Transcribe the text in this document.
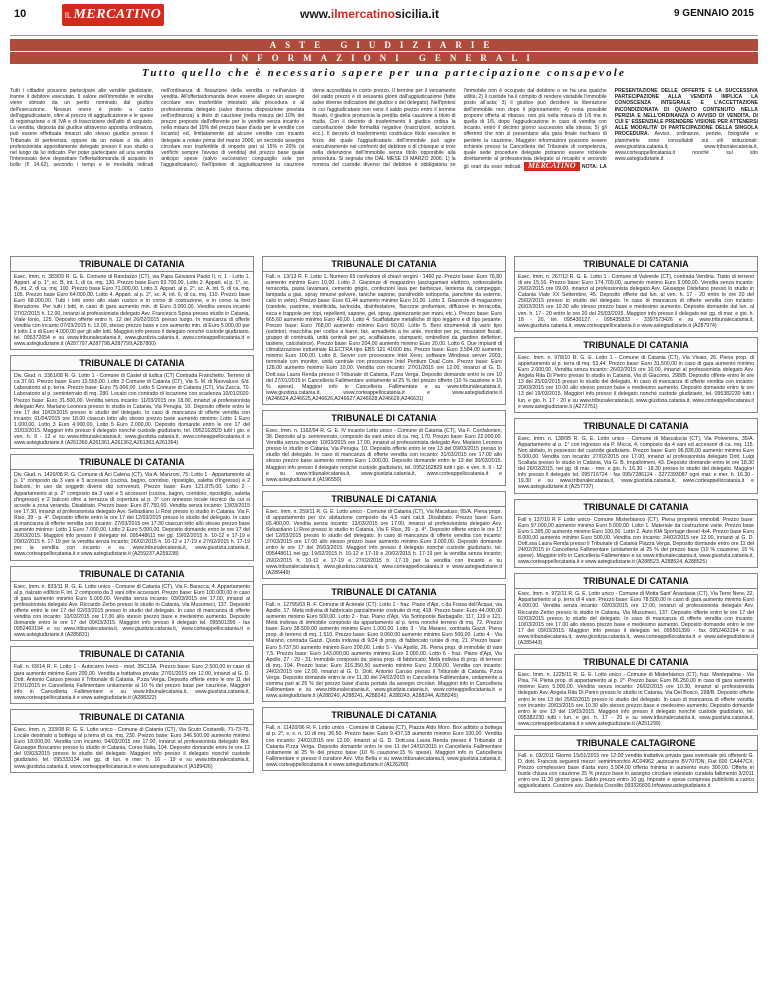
10	IL MERCATINO	www.ilmercatinosicilia.it	9 GENNAIO 2015
ASTE GIUDIZIARIE
INFORMAZIONI GENERALI
Tutto quello che è necessario sapere per una partecipazione consapevole
Tutti i cittadini possono partecipare alle vendite giudiziarie, tranne il debitore esecutato. Il valore dell'immobile in vendita viene stimato da un perito nominato dal giudice dell'esecuzione. Nessun onere è posto a carico dell'aggiudicatario, oltre al prezzo di aggiudicazione e le spese di registrazione o di IVA e di trascrizione dell'atto di acquisto. La vendita, disposta dal giudice attraverso apposita ordinanza, può essere effettuata innanzi allo stesso giudice presso il Tribunale di pertinenza, oppure da un notaio o da altro professionista appositamente delegato presso il suo studio o nel luogo da lui indicato. Per poter partecipare ad una vendita l'interessato deve depositare l'offerta/domanda di acquisto in bollo (€ 14,62), secondo i tempi e le modalità indicati nell'ordinanza di fissazione della vendita o nell'avviso di vendita. All'offerta/domanda deve essere allegato un assegno circolare non trasferibile intestato alla procedura o al professionista delegato (salvo diversa disposizione prevista nell'ordinanza) a titolo di cauzione (nella misura del 10% del prezzo proposto dall'offerente per le vendite senza incanto e nella misura del 10% del prezzo base d'asta per le vendite con incanto) ed, limitatamente ad alcune vendite con incanto delegate a notaio prima del marzo 2006, un secondo assegno circolare non trasferibile di importo pari al 15% o 20% (si verifichi sempre l'avviso di vendita) del prezzo base quale anticipo spese (salvo successivo conguaglio sole per l'aggiudicatario). Nell'ipotesi di aggiudicazione la cauzione viene accreditata in conto prezzo. Il termine per il versamento del saldo prezzo è di sessanta giorni dall'aggiudicazione (fatte salve diverse indicazioni del giudice o del delegato). Nell'ipotesi in cui l'aggiudicatario non versi il saldo prezzo entro il termine fissato, il giudice pronuncia la perdita della cauzione a titolo di multa. Con il decreto di trasferimento il giudice ordina la cancellazione delle formalità negative (trascrizioni, iscrizioni, ecc.). Il decreto di trasferimento costituisce titolo esecutivo in forza del quale l'aggiudicatario dell'immobile può agire esecutivamente nei confronti del debitore o di chiunque si trovi nella detenzione dell'immobile senza titolo opponibile alla procedura. Si segnala che DAL MESE DI MARZO 2006: 1) la nomina del custode diverso dal debitore è obbligatoria se l'immobile non è occupato dal debitore o se ha una qualche utilità; 2) il custode ha il compito di rendere visitabile l'immobile posto all'asta; 3) il giudice può deciderè la liberazione dell'immobile non dopo il pignoramento; 4) resta possibile proporre offerta al ribasso, non più nella misura di 1/6 ma in quella di 1/5, dopo l'aggiudicazione in caso di vendita con incanto, entro il decimo giorno successivo alla stessa; 5) gli offerenti che non si presentano alla gara finale rischiano di perdere la cauzione. Maggiori informazioni possono essere richieste presso la Cancelleria del Tribunale di competenza, quale sede procedure delegate potranno essere richieste direttamente al professionista delegato al recapito e secondo gli orari da esso indicati. MERCATINO NOTA: LA PRESENTAZIONE DELLE OFFERTE E LA SUCCESSIVA PARTECIPAZIONE ALLA VENDITA IMPLICA LA CONOSCENZA INTEGRALE E L'ACCETTAZIONE INCONDIZIONATA DI QUANTO CONTENUTO NELLA PERIZIA E NELL'ORDINANZA O AVVISO DI VENDITA, DI CUI E' ESSENZIALE PRENDERE VISIONE PER ATTENERSI ALLE MODALITA' DI PARTECIPAZIONE DELLA SINGOLA PROCEDURA. Avviso, ordinanze, perizie, fotografie e planimetrie sono consultabili sui siti istituzionali: www.giustizia.catania.it, www.tribunalecatania.it, www.corteappellocatania.it nonché sul sito www.astegiudiziarie.it
TRIBUNALE DI CATANIA
Esec. Imm. n. 383/09 R. G. E. Comune di Randazzo (CT), via Papa Giovanni Paolo II, n. 1 - Lotto 1. Appart. al p. 1°, sc. B, int. 1, di ca. mq. 130. Prezzo base Euro 93.700,00. Lotto 2. Appart. al p. 1°, sc. B, int. 2, di ca. mq. 100. Prezzo base Euro 71.000,00. Lotto 3. Appart. al p. 2°, sc. A, int. 5, di ca. mq. 105. Prezzo base Euro 64.000,00. Lotto 4. Appart. al p. 2°, sc. A, int. 6, di ca. mq. 110. Prezzo base Euro 68.000,00. Tutti i lotti sono allo stato rustico e in corso di costruzione, e in corso la loro liberazione. Per tutti i lotti, in caso di gara aumento min. di Euro 3.000,00. Vendita senza incanto 27/02/2015 h. 12.00, innanzi al professionista delegato Avv. Francesco Spina presso studio in Catania, Viale Ionio, 125. Deposito offerte entro h. 12 del 26/02/2015 presso luogo. In mancanza di offerte vendita con incanto 07/03/2015 h. 12.00, stesso prezzo base e con aumento min. di Euro 5.000,00 per il lotto 1 e di Euro 4.000,00 per gli altri lotti. Maggiori info presso il delegato nonché custode giudiziario, tel. 095372654 e su www.tribunalecatania.it, www.giustizia.catania.it, www.corteappellocatania.it e www.astegiudiziarie.it (A287797,A287798,A287799,A287800)
TRIBUNALE DI CATANIA
Div. Giud. n. 3361/08 R. G. Lotto 1 - Comune di Castel di Iudica (CT) Contrada Franchetto. Terreno di ca 37.60. Prezzo base: Euro 13.565,00. Lotto 3 Comune di Catania (CT), Via S. M. di Nuovaluce. 6/d. Laboratorio al p. terra. Prezzo base: Euro 75.066,00. Lotto 5 Comune di Catania (CT), Via Zacca, 70. Laboratorio al p. seminterrato di mq. 280. Locato con contratto di locazione con scadenza 10/01/2020. Prezzo base: Euro 31.500,00. Vendita senza incanto: 11/03/2015 ore 18.00, innanzi al professionista delegato Avv. Mariano Leonora presso lo studio in Catania, Via Perugia, 10. Deposito offerte entro le ore 17 del 10/03/2015 presso lo studio del delegato. In caso di mancanza di offerte vendita con incanto: 01/04/2015 ore 18.00 ciascun lotto allo stesso prezzo base aumento minimo: Lotto 1 Euro 1.000,00, Lotto 3 Euro 4.000,00, Lotto 5 Euro 2.000,00. Deposito domande entro le ore 17 del 31/03/2015. Maggiori info presso il delegato nonché custode giudiziario, tel. 0952162829 tutti i gio. e ven. h. 9 - 12 e su www.tribunalecatania.it, www.giustizia.catania.it, www.corteappellocatania.it e www.astegiudiziarie.it (A261360,A261361,A261362,A261363,A261364)
TRIBUNALE DI CATANIA
Div. Giud. n. 1420/08 R. G. Comune di Aci Catena (CT), Via A. Manzoni, 75: Lotto 1 - Appartamento al p. 1° composto da 3 vani e 5 accessori (cucina, bagno, corridoio, ripostiglio, saletta d'ingresso) e 2 balconi. In uso da soggetti diversi dai convenuti. Prezzo base: Euro 121.875,00. Lotto 2 - Appartamento al p. 2° composto da 3 vani e 5 accessori (cucina, bagno, corridoio, ripostiglio, saletta d'ingresso) e 2 balconi oltre a terrazza di copertura al p. 3° con annesso locale tecnico da cui si accede a zona veranda. Disabitato. Prezzo base: Euro 87.750,00. Vendita senza incanto: 13/03/2015 ore 17.30, innanzi al professionista delegato Avv. Sebastiano Li Rosi presso lo studio in Catania, Via F. Riso, 39 - p. 4°. Deposito offerte entro le ore 17 del 12/03/2015 presso lo studio del delegato. In caso di mancanza di offerte vendita con incanto: 27/03/2015 ore 17.30 ciascun lotto allo stesso prezzo base aumento minimo: Lotto 1 Euro 7.000,00, Lotto 2 Euro 5.000,00. Deposito domande entro le ore 17 del 26/03/2015. Maggiori info presso il delegato tel. 095448611 nei gg. 19/02/2015 h. 10-12 e 17-19 e 20/02/2015 h. 17-19 per la vendita senza incanto; 26/02/2015 h. 10-12 e 17-19 e 27/02/2015 h. 17-19 per la vendita con incanto e su www.tribunalecatania.it, www.giustizia.catania.it, www.corteappellocatania.it e www.astegiudiziarie.it (A259237,A259238)
TRIBUNALE DI CATANIA
Esec. Imm. n. 833/11 R. G. E. Lotto unico - Comune di Catania (CT), Via F. Baracca, 4. Appartamento al p. rialzato edificio F, int. 2 composto da 3 vani oltre accessori. Prezzo base: Euro 100.000,00 in caso di gara aumento minimo Euro 5.000,00. Vendita senza incanto: 03/03/2015 ore 17.00, innanzi al professionista delegato Avv. Riccardo Zerbo presso lo studio in Catania, Via Musumeci, 137. Deposito offerte entro le ore 17 del 02/03/2015 presso lo studio del delegato. In caso di mancanza di offerte vendita con incanto: 10/03/2015 ore 17.00 allo stesso prezzo base e medesimo aumento. Deposito domande entro le ore 17 del 09/03/2015. Maggiori info presso il delegato tel. 095501399 - fax 0952463194 e su www.tribunalecatania.it, www.giustizia.catania.it, www.corteappellocatania.it e www.astegiudiziarie.it (A285831)
TRIBUNALE DI CATANIA
Fall. n. 69/14 R. F. Lotto 1 - Autocarro Iveco - mod. 35C13A. Prezzo base: Euro 2.500,00 in caso di gara aumento minimo Euro 200,00. Vendita a trattativa privata: 27/01/2015 ore 12.00, innanzi al G. D. Dott. Antonio Caruso presso il Tribunale di Catania, P.zza Verga. Deposito offerte entro le ore 11 del 27/01/2015 in Cancelleria Fallimentare unitamente al 10 % del prezzo base per cauzione. Maggiori info in Cancelleria Fallimentare e su www.tribunalecatania.it, www.giustizia.catania.it, www.corteappellocatania.it e www.astegiudiziarie.it (A288322)
TRIBUNALE DI CATANIA
Esec. Imm. n. 333/08 R. G. E. Lotto unico - Comune di Catania (CT), Via Scuto Costarelli, 71-73-75. Locale destinato a bottega al p.terra di ca. mq. 230. Prezzo base: Euro 346.500,00 aumento minimo Euro 18.000,00. Vendita con incanto: 04/03/2015 ore 17.00, innanzi al professionista delegato Rot. Giuseppe Boscarino presso lo studio in Catania, Corso Italia, 104. Deposito domande entro le ore 12 del 03/03/2015 presso lo studio del delegato. Maggiori info presso il delegato nonché custode giudiziario, tel. 095333134 nei gg. di lun. e mer. h. 16 - 19 e su www.tribunalecatania.it, www.giustizia.catania.it, www.corteappellocatania.it e www.astegiudiziarie.it (A189426)
TRIBUNALE DI CATANIA
Fall. n. 13/13 R. F. Lotto 1. Numero 65 confezioni di chiavi vergini - 1460 pz. Prezzo base: Euro 76,80 aumento minimo Euro 10,00. Lotto 2. Giacenze di magazzino (asciugamani elettrico, sottoscaletta terracotta, pasta lavamani, cemento grigio, confezioni lava per barbecue, lanterna da campeggio, lampada a gas, spray rimuovi polvere, taniche sapone, parafreddo sottoporta, panchine da esterno, calci in vetro). Prezzo base: Euro 61,44 aumento minimo Euro 10,00. Lotto 3. Giacenze di magazzino (candele, pastrine, insetticida, lavincida, disinfestatore, flaccone profumare, diffusore in terracotta, esca e trappole per topi, repellenti, sapone, gel, spray, igienizzante per mani, etc.). Prezzo base: Euro 665,60 aumento minimo Euro 40,00. Lotto 4. Scaffalature metalliche di tipo leggero e di tipo pesante. Prezzo base: Euro 768,00 aumento minimo Euro 50,00. Lotto 5. Beni strumentali di vario tipo (estintori, macchina per codice a barre, fax, armadietto a tre ante, monitor per pc, misuratori fiscali, gruppo di continuità, unità centrali per pc, scaffalature, stampanti, ombrelloni da giardino deflettori, tastiere, calcolatrice). Prezzo base: Euro 204,00 aumento minimo Euro 20,00. Lotto 6. Due impianti di climatizzazione industriale ELECTRA tipo EBS 121 41600 btu. Prezzo base: Euro 3.584,00 aumento minimo Euro 100,00. Lotto 8. Server con processore Intel Xeon, software Windows server 2003, terminale con monitor, unità centrale con processore Intel Pentium Dual Core. Prezzo base: Euro 128,00 aumento minimo Euro 10,00. Vendita con incanto: 27/01/2015 ore 12.00, innanzi al G. D. Dott.ssa Laura Renda presso il Tribunale di Catania, P.zza Verga. Deposito domande entro le ore 10 del 27/01/2015 in Cancelleria Fallimentare unitamente al 25 % del prezzo offerto (10 % cauzione e 15 % spese). Maggiori info in Cancelleria Fallimentare e su www.tribunalecatania.it, www.giustizia.catania.it, www.corteappellocatania.it e www.astegiudiziarie.it (A246624,A246625,A246626,A246627,A246628,A246629,A246631)
TRIBUNALE DI CATANIA
Esec. Imm. n. 1162/94 R. G. E. IV incanto Lotto unico - Comune di Catania (CT), Via F. Confalonieri, 38. Deposito al p. seminterrato, composto da vani unico di ca. mq. 170. Prezzo base: Euro 22.000,00. Vendita senza incanto: 10/03/2015 ore 17.00, innanzi al professionista delegato Avv. Mariano Leonora presso lo studio in Catania, Via Perugia, 10. Deposito offerte entro le ore 13 del 09/03/2015 presso lo studio del delegato. In caso di mancanza di offerte vendita con incanto: 31/03/2015 ore 17.00 allo stesso prezzo base aumento minimo Euro 1.000,00. Deposito domande entro le 13 del 30/03/2015. Maggiori info presso il delegato nonché custode giudiziario, tel. 0952162829 tutti i gio. e ven. h. 9 - 12 e su www.tribunalecatania.it, www.giustizia.catania.it, www.corteappellocatania.it e www.astegiudiziarie.it (A196550)
TRIBUNALE DI CATANIA
Esec. Imm. n. 259/11 R. G. E. Lotto unico - Comune di Catania (CT), Via Macaluso, 95/A. Piena propr. di appartamento per civ. abitazione composto da 4,5 vani cat.ti. Disabitato. Prezzo base: Euro 65.400,00. Vendita senza incanto: 13/03/2015 ore 17.00, innanzi al professionista delegato Avv. Sebastiano Li Rosi presso lo studio in Catania, Via F. Riso, 39 - p. 4°. Deposito offerte entro le ore 17 del 12/03/2015 presso lo studio del delegato. In caso di mancanza di offerte vendita con incanto: 27/03/2015 ore 17.00 allo stesso prezzo base aumento minimo Euro 3.000,00. Deposito domande entro le ore 17 del 26/03/2015. Maggiori info presso il delegato nonché custode giudiziario, tel. 095448611 nei gg. 19/02/2015 h. 10-12 e 17-19 e 20/02/2015 h. 17-19 per la vendita senza incanto; 26/02/2015 h. 10-12 e 17-19 e 27/02/2015 h. 17-19 per la vendita con incanto e su www.tribunalecatania.it, www.giustizia.catania.it, www.corteappellocatania.it e www.astegiudiziarie.it (A286449)
TRIBUNALE DI CATANIA
Fall. n. 12795/03 R. F. Comune di Acireale (CT): Lotto 1 - fraz. Piano d'Api, c.da Fossa dell'Acqua, via Apollo, 17. Metà indivisa di fabbricato parzialmente costruito di mq. 418. Prezzo base: Euro 44.000,00 aumento minimo Euro 500,00. Lotto 2 - fraz. Piano d'Api, Via Sottoponte Barbagallo, 117, 119 e 121. Metà indivisa di immobile composto da appartamento al p. terra nonché terreno di mq. 72. Prezzo base: Euro 38.500,00 aumento minimo Euro 1.000,00. Lotto 3 - Via Marano, contrada Gazzi. Piena prop. di terreno di mq. 1.510. Prezzo base: Euro 9.060,00 aumento minimo Euro 500,00. Lotto 4 - Via Marano, contrada Gazzi. Quota indivisa di 9/24 di prop. di fabbricato rurale di mq. 21. Prezzo base: Euro 5.737,50 aumento minimo Euro 200,00. Lotto 5 - Via Apollo, 26. Piena prop. di immobile di vani 7,5. Prezzo base: Euro 143.000,00 aumento minimo Euro 2.000,00. Lotto 6 - fraz. Piano d'Api, Via Apollo, 27 - 29 - 31. Immobile composto da: piena prop. di fabbricato; Metà indivisa di prop. di terreno di mq. 194. Prezzo base: Euro 216.350,50 aumento minimo Euro 2.000,00. Vendita con incanto: 24/02/2015 ore 12.00, innanzi al G. D. Dott. Antonio Caruso presso il Tribunale di Catania, P.zza Verga. Deposito domande entro le ore 11.30 del 24/02/2015 in Cancelleria Fallimentare, unitamente a somma pari al 25 % del prezzo base d'asta portata da assegni circolari. Maggiori info in Cancelleria Fallimentare e su www.tribunalecatania.it, www.giustizia.catania.it, www.corteappellocatania.it e www.astegiudiziarie.it (A288240, A288241, A288242, A288243, A288244, A288245)
TRIBUNALE DI CATANIA
Fall. n. 11420/96 R. F. Lotto unico - Comune di Catania (CT), Piazza Aldo Moro. Box adibito a bottega al p. 2°, s. s. n. 10 di mq. 36,50. Prezzo base: Euro 9.437,18 aumento minimo Euro 100,00. Vendita con incanto: 24/02/2015 ore 12.00, innanzi al G. D. Dott.ssa Laura Renda presso il Tribunale di Catania P.zza Verga. Deposito domande entro le ore 11 del 24/02/2015 in Cancelleria Fallimentare unitamente al 25 % del prezzo base (10 % cauzione;15 % spese). Maggiori info in Cancelleria Fallimentare e presso il curatore Avv. Vito Bella e su www.tribunalecatania.it, www.giustizia.catania.it, www.corteappellocatania.it e www.astegiudiziarie.it (A126280)
TRIBUNALE DI CATANIA
Esec. Imm. n. 267/12 R. G. E. Lotto 1 - Comune di Valverde (CT), contrada Verdina. Tratto di terreno di are 15,16. Prezzo base: Euro 174.700,00, aumento minimo Euro 9.000,00. Vendita senza incanto: 26/02/2015 ore 09.00, innanzi al professionista delegato Avv. Giuseppe Distefano presso lo studio in Catania Viale XX Settembre, 45. Deposito offerte dal lun. al ven. h. 17 - 20 entro le ore 20 del 25/02/2015 presso lo studio del delegato. In caso di mancanza di offerte vendita con incanto: 26/03/2015 ore 10.30 allo stesso prezzo base e medesimo aumento. Deposito domande dal lun. al ven. h. 17 - 20 entro le ore 20 del 25/03/2015. Maggiori info presso il delegato nei gg. di mar. e gio. h. 18 - 20, tel. 095430127 - 095435833 - 3397573426 e su www.tribunalecatania.it, www.giustizia.catania.it, www.corteappellocatania.it e www.astegiudiziarie.it (A287974)
TRIBUNALE DI CATANIA
Esec. Imm. n. 978/10 R. G. E. Lotto 1 - Comune di Catania (CT), Via Vivaio, 26. Piena prop. di appartamento al p. terra di mq. 53,44. Prezzo base: Euro 31.500,00 in caso di gara aumento minimo Euro 2.000,00. Vendita senza incanto: 26/02/2015 ore 10.00, innanzi al professionista delegato Avv. Angela Rita Di Pietro presso lo studio in Catania, Via di Giacomo, 298/B. Deposito offerte entro le ore 13 del 25/02/2015 presso lo studio del delegato. In caso di mancanza di offerte vendita con incanto: 20/03/2015 ore 10.00 allo stesso prezzo base e medesimo aumento. Deposito domande entro le ore 13 del 19/03/2015. Maggiori info presso il delegato nonché custode giudiziario, tel. 095382230 tutti i lun. e gio. h. 17 - 20 e su www.tribunalecatania.it, www.giustizia.catania.it, www.corteappellocatania.it e www.astegiudiziarie.it (A272751)
TRIBUNALE DI CATANIA
Esec. Imm. n. 138/95 R. G. E. Lotto unico - Comune di Mascalucia (CT), Via Polveriera, 35/A. Appartamento al p. 1° con ingresso via P. Micca, 4, composto da 4 vani ed accessori di ca. mq. 115. Non abitato, in possesso del custode giudiziario. Prezzo base: Euro 96.836,00 aumento minimo Euro 5.000,00. Vendita con incanto: 27/02/2015 ore 17.00, innanzi al professionista delegato Dott. Luigi Scaltata presso lo studio in Catania, Via G. B. Impallomeni, 43. Deposito domande entro le ore 18.30 del 26/02/2015, nei gg. di mar. - mer. e gio. h. 16.30 - 18.30 presso lo studio del delegato. Maggiori info presso il delegato tel. 095716724 - fax 095/7286124 - 3272393087 ogni mar. e mer. h. 16.30 - 19.30 e su www.tribunalecatania.it, www.giustizia.catania.it, www.corteappellocatania.it e www.astegiudiziarie.it (A257737)
TRIBUNALE DI CATANIA
Fall n 137/10 R F Lotto unico- Comune Misterbianco (CT). Piena proprietà immobili. Prezzo base: Euro 97.000,00 aumento minimo Euro 5.000,00. Lotto 1. Materiale da costruzione varie. Prezzo base Euro 1.395,00 aumento minimo Euro 100,00. Lotto 2. Auto KIA Sportage diesel 4x4. Prezzo base Euro 8.000,00 aumento minimo Euro 500,00. Vendita con incanto: 24/02/2015 ore 12.00, innanzi al G. D. Dott.ssa Laura Renda presso il Tribunale di Catania Piazza Verga. Deposito domande entro ore 11 del 24/02/2015 in Cancelleria Fallimentare (unitamente al 25 % del prezzo base (10 % cauzione; 15 % spese). Maggiori info in Cancelleria Fallimentare e su www.tribunalecatania.it, www.giustizia.catania.it, www.corteappellocatania.it e www.astegiudiziarie.it (A288523, A288524, A288525)
TRIBUNALE DI CATANIA
Esec. Imm. n. 972/11 R. G. E. Lotto unico - Comune di Motta Sant' Anastasia (CT), Via Terre Nere, 32. Appartamento al p. terra di 4 vani. Prezzo base: Euro 78.500,00 in caso di gara aumento minimo Euro 4.000,00. Vendita senza incanto: 03/03/2015 ore 17.00, innanzi al professionista delegato Avv. Riccardo Zerbo presso lo studio in Catania, Via Musumeci, 137. Deposito offerte entro le ore 17 del 02/03/2015 presso lo studio del delegato. In caso di mancanza di offerte vendita con incanto: 10/03/2015 ore 17.00 allo stesso prezzo base e medesimo aumento. Deposito domande entro le ore 17 del 09/03/2015. Maggiori info presso il delegato tel. 095501399 - fax 0952463194 e su www.tribunalecatania.it, www.giustizia.catania.it, www.corteappellocatania.it e www.astegiudiziarie.it (A285443)
TRIBUNALE DI CATANIA
Esec. Imm. n. 1225/11 R. G. E. Lotto unico - Comune di Misterbianco (CT), fraz. Montepalma - Via Pisa, 74. Piena prop. di appartamento al p. 2°. Prezzo base: Euro 86.250,00 in caso di gara aumento minimo Euro 5.000,00. Vendita senza incanto: 26/02/2015 ore 10.30, innanzi al professionista delegato Avv. Angela Rita Di Pietro presso lo studio in Catania, Via Del Bosco, 298/B. Deposito offerte entro le ore 13 del 25/02/2015 presso lo studio del delegato. In caso di mancanza di offerte vendita con incanto: 20/03/2015 ore 10.30 allo stesso prezzo base e medesimo aumento. Deposito domande entro le ore 13 del 19/03/2015. Maggiori info presso il delegato nonché custode giudiziario, tel. 095382230 tutti i lun. e gio. h. 17 - 20 e su www.tribunalecatania.it, www.giustizia.catania.it, www.corteappellocatania.it e www.astegiudiziarie.it (A251299)
TRIBUNALE CALTAGIRONE
Fall. n. 03/2011 Giorno 15/01/2015 ore 12:00 vendita trattativa privata gara eventuale più offerenti G. D. dott. Francois seguenti mezzi: semirimorchio AC04962 ,autocarro BV707DN, Fiat 600 CA447CX. Prezzo complessivo base d'asta euro 3.904,00 offerta minima in aumento euro 300,00. Offerte in busta chiusa con cauzione 25 % prezzo base in assegno circolare intestato curatela fallimento 3/2011 entro ore 11:30 giorno gara. Saldo prezzo entro 10 gg. Imposte e spese compresa pubblicità a carico aggiudicatario. Curatore avv. Daniela Cosolito 093326830.Infowww.astegiudiziarie.it
